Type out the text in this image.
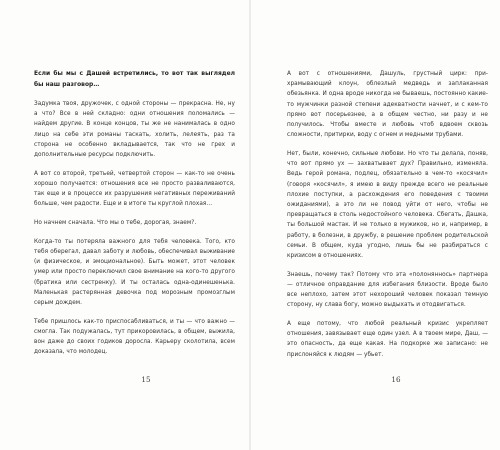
Если бы мы с Дашей встретились, то вот так выглядел бы наш разговор…

Задумка твоя, дружочек, с одной стороны — прекрасна. Не, ну а что? Все в ней складно: одни отношения поломались — найдем другие. В конце концов, ты же не нанималась в одно лицо на себе эти романы таскать, холить, лелеять, раз та сторона не особенно вкладывается, так что не грех и дополнительные ресурсы подключить.

А вот со второй, третьей, четвертой сторон — как-то не очень хорошо получается: отношения все не просто разваливаются, так еще и в процессе их разрушения негативных переживаний больше, чем радости. Еще и в итоге ты круглой плохая…

Но начнем сначала. Что мы о тебе, дорогая, знаем?.

Когда-то ты потеряла важного для тебя человека. Того, кто тебя оберегал, давал заботу и любовь, обеспечивал выживание (и физическое, и эмоциональное). Быть может, этот человек умер или просто переключил свое внимание на кого-то другого (братика или сестренку). И ты осталась одна-одинешенька. Маленькая растерянная девочка под морозным промозглым серым дождем.

Тебе пришлось как-то приспосабливаться, и ты — что важно — смогла. Так подужалась, тут прикоровилась, в общем, выжила, вон даже до своих годиков доросла. Карьеру сколотила, всем доказала, что молодец.

15

А вот с отношениями, Дашуль, грустный цирк: прихрамывающий клоун, облезлый медведь и заплаканная обезьянка. И одна вроде никогда не бываешь, постоянно какие-то мужчинки разной степени адекватности начнет, и с кем-то прямо вот посерьезнее, а в общем честно, ни разу и не получилось. Чтобы вместе и любовь чтоб вдвоем сквозь сложности, притирки, воду с огнем и медными трубами.

Нет, были, конечно, сильные любови. Но что ты делала, поняв, что вот прямо ух — захватывает дух? Правильно, изменяла. Ведь герой романа, подлец, обязательно в чем-то «косячил» (говоря «косячил», я имею в виду прежде всего не реальные плохие поступки, а расхождения его поведения с твоими ожиданиями), а это ли не повод уйти от него, чтобы не превращаться в столь недостойного человека. Сбегать, Дашка, ты большой мастак. И не только в мужиков, но и, например, в работу, в болезни, в дружбу, в решение проблем родительской семьи. В общем, куда угодно, лишь бы не разбираться с кризисом в отношениях.

Знаешь, почему так? Потому что эта «полоняннось» партнера — отличное оправдание для избегания близости. Вроде было все неплохо, затем этот нехороший человек показал темную сторону, ну слава богу, можно выдыхать и отодвигаться.

А еще потому, что любой реальный кризис укрепляет отношения, завязывает еще один узел. А в твоем мире, Даш, — это опасность, да еще какая. На подкорке же записано: не прислоняйся к людям — убьет.

16
